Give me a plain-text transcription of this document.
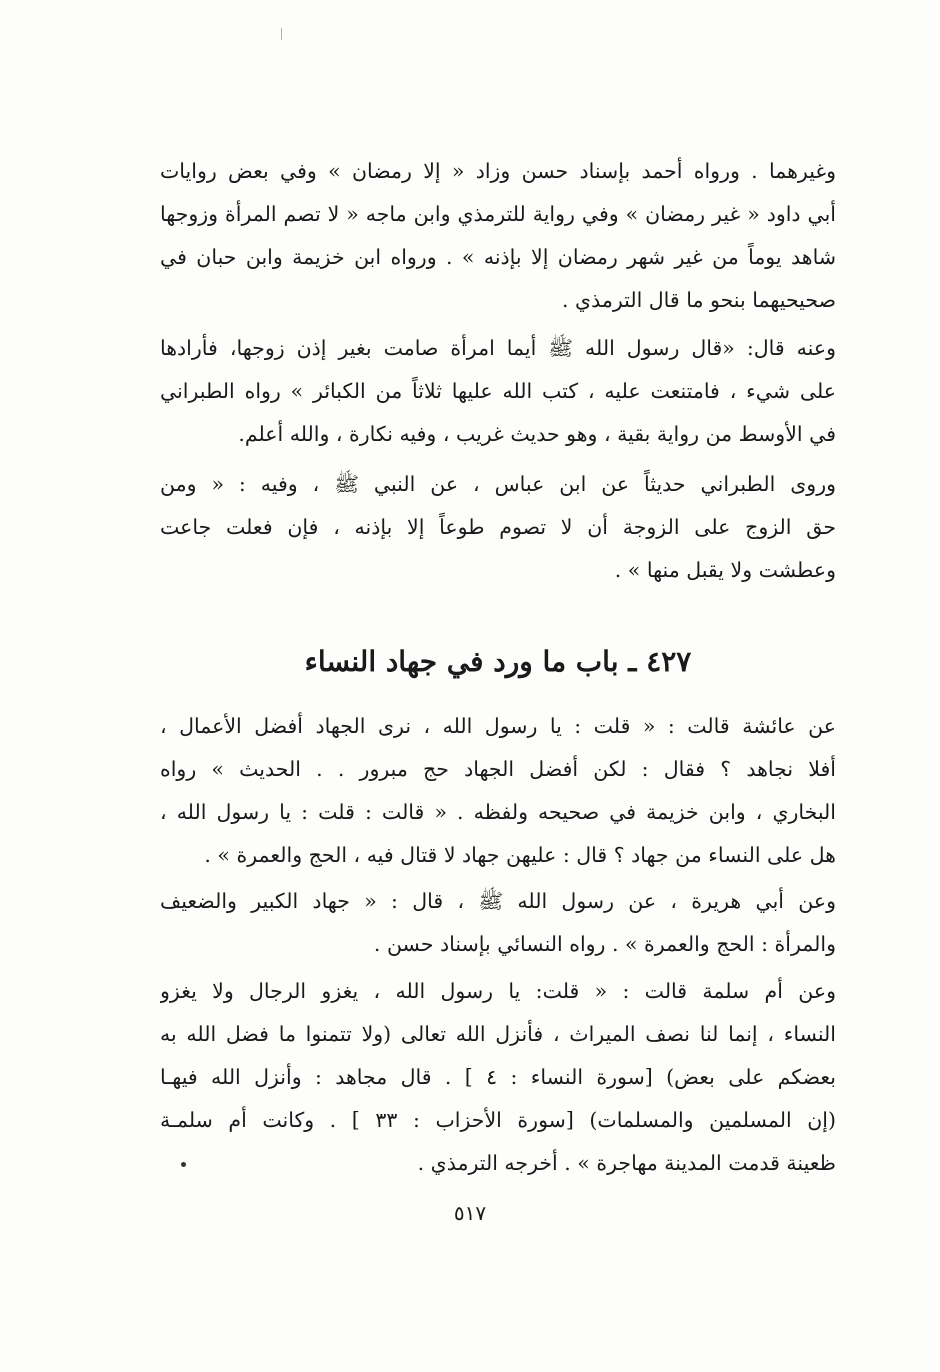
وغيرهما . ورواه أحمد بإسناد حسن وزاد « إلا رمضان » وفي بعض روايات
أبي داود « غير رمضان » وفي رواية للترمذي وابن ماجه « لا تصم المرأة وزوجها
شاهد يوماً من غير شهر رمضان إلا بإذنه » . ورواه ابن خزيمة وابن حبان في
صحيحيهما بنحو ما قال الترمذي .
وعنه قال: «قال رسول الله ﷺ أيما امرأة صامت بغير إذن زوجها، فأرادها
على شيء ، فامتنعت عليه ، كتب الله عليها ثلاثاً من الكبائر » رواه الطبراني
في الأوسط من رواية بقية ، وهو حديث غريب ، وفيه نكارة ، والله أعلم.
وروى الطبراني حديثاً عن ابن عباس ، عن النبي ﷺ ، وفيه : « ومن
حق الزوج على الزوجة أن لا تصوم طوعاً إلا بإذنه ، فإن فعلت جاعت
وعطشت ولا يقبل منها » .
٤٢٧ ـ باب ما ورد في جهاد النساء
عن عائشة قالت : « قلت : يا رسول الله ، نرى الجهاد أفضل الأعمال ،
أفلا نجاهد ؟ فقال : لكن أفضل الجهاد حج مبرور . . الحديث » رواه
البخاري ، وابن خزيمة في صحيحه ولفظه . « قالت : قلت : يا رسول الله ،
هل على النساء من جهاد ؟ قال : عليهن جهاد لا قتال فيه ، الحج والعمرة » .
وعن أبي هريرة ، عن رسول الله ﷺ ، قال : « جهاد الكبير والضعيف
والمرأة : الحج والعمرة » . رواه النسائي بإسناد حسن .
وعن أم سلمة قالت : « قلت: يا رسول الله ، يغزو الرجال ولا يغزو
النساء ، إنما لنا نصف الميراث ، فأنزل الله تعالى (ولا تتمنوا ما فضل الله به
بعضكم على بعض) [سورة النساء : ٤ ] . قال مجاهد : وأنزل الله فيهـا
(إن المسلمين والمسلمات) [سورة الأحزاب : ٣٣ ] . وكانت أم سلمـة
ظعينة قدمت المدينة مهاجرة » . أخرجه الترمذي .
٥١٧
